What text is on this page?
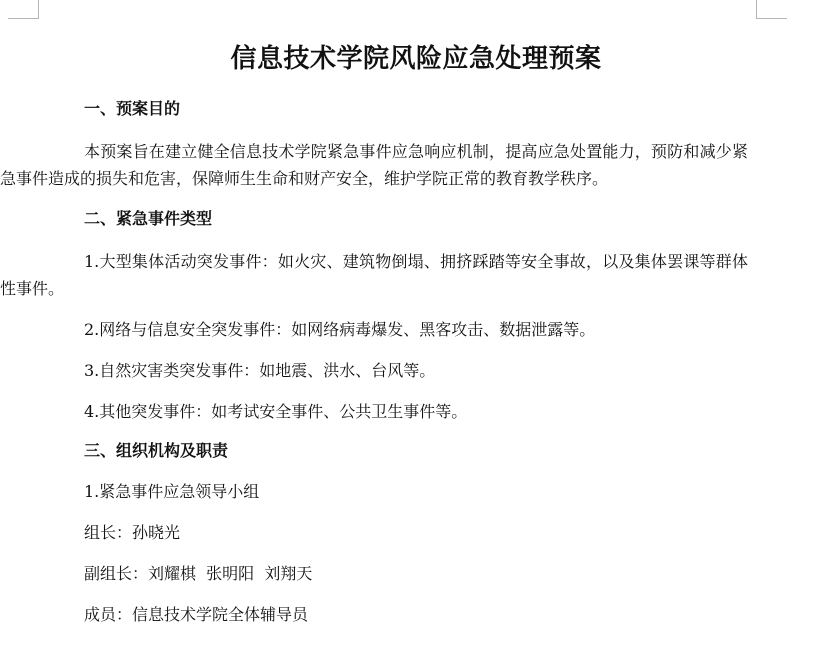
信息技术学院风险应急处理预案
一、预案目的

本预案旨在建立健全信息技术学院紧急事件应急响应机制，提高应急处置能力，预防和减少紧急事件造成的损失和危害，保障师生生命和财产安全，维护学院正常的教育教学秩序。

二、紧急事件类型

1.大型集体活动突发事件：如火灾、建筑物倒塌、拥挤踩踏等安全事故，以及集体罢课等群体性事件。

2.网络与信息安全突发事件：如网络病毒爆发、黑客攻击、数据泄露等。

3.自然灾害类突发事件：如地震、洪水、台风等。

4.其他突发事件：如考试安全事件、公共卫生事件等。

三、组织机构及职责

1.紧急事件应急领导小组

组长：孙晓光

副组长：刘耀棋  张明阳  刘翔天

成员：信息技术学院全体辅导员
